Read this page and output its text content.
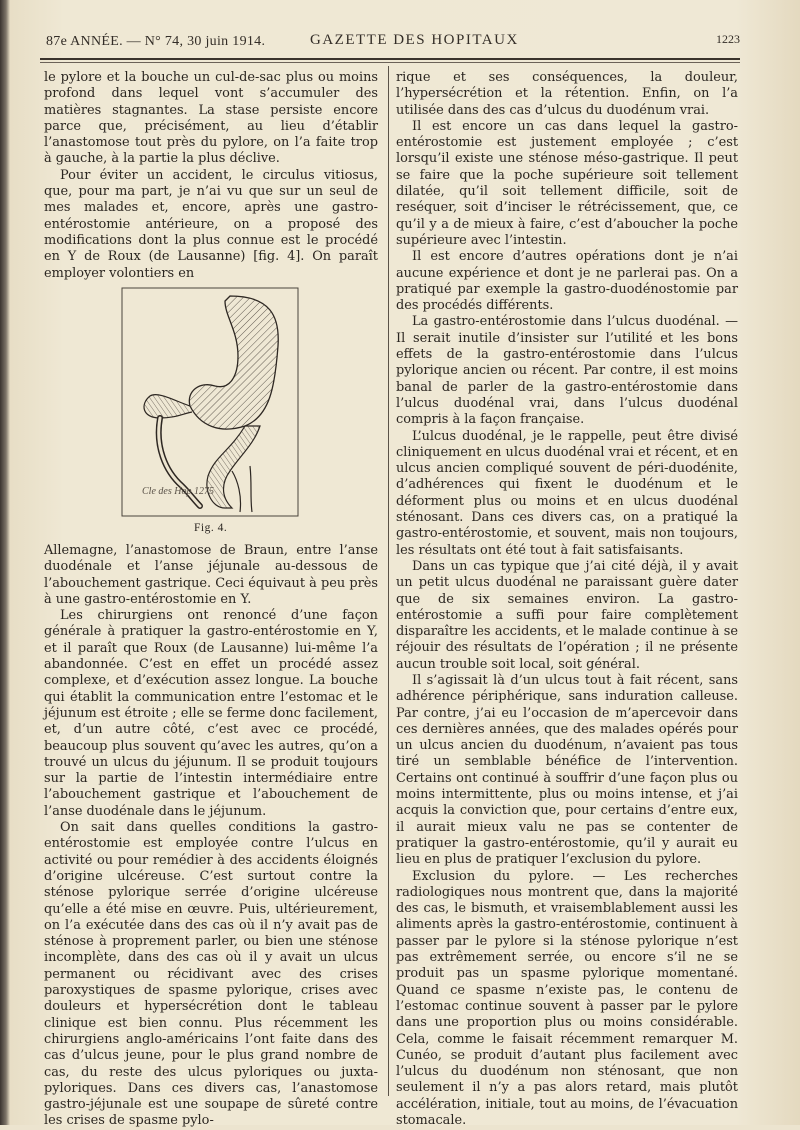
87e ANNÉE. — N° 74, 30 juin 1914.	GAZETTE DES HOPITAUX	1223

le pylore et la bouche un cul-de-sac plus ou moins profond dans lequel vont s’accumuler des matières stagnantes. La stase persiste encore parce que, précisément, au lieu d’établir l’anastomose tout près du pylore, on l’a faite trop à gauche, à la partie la plus déclive.

Pour éviter un accident, le circulus vitiosus, que, pour ma part, je n’ai vu que sur un seul de mes malades et, encore, après une gastro-entérostomie antérieure, on a proposé des modifications dont la plus connue est le procédé en Y de Roux (de Lausanne) [fig. 4]. On paraît employer volontiers en

Cle des Hop 1275
Fig. 4.

Allemagne, l’anastomose de Braun, entre l’anse duodénale et l’anse jéjunale au-dessous de l’abouchement gastrique. Ceci équivaut à peu près à une gastro-entérostomie en Y.

Les chirurgiens ont renoncé d’une façon générale à pratiquer la gastro-entérostomie en Y, et il paraît que Roux (de Lausanne) lui-même l’a abandonnée. C’est en effet un procédé assez complexe, et d’exécution assez longue. La bouche qui établit la communication entre l’estomac et le jéjunum est étroite ; elle se ferme donc facilement, et, d’un autre côté, c’est avec ce procédé, beaucoup plus souvent qu’avec les autres, qu’on a trouvé un ulcus du jéjunum. Il se produit toujours sur la partie de l’intestin intermédiaire entre l’abouchement gastrique et l’abouchement de l’anse duodénale dans le jéjunum.

On sait dans quelles conditions la gastro-entérostomie est employée contre l’ulcus en activité ou pour remédier à des accidents éloignés d’origine ulcéreuse. C’est surtout contre la sténose pylorique serrée d’origine ulcéreuse qu’elle a été mise en œuvre. Puis, ultérieurement, on l’a exécutée dans des cas où il n’y avait pas de sténose à proprement parler, ou bien une sténose incomplète, dans des cas où il y avait un ulcus permanent ou récidivant avec des crises paroxystiques de spasme pylorique, crises avec douleurs et hypersécrétion dont le tableau clinique est bien connu. Plus récemment les chirurgiens anglo-américains l’ont faite dans des cas d’ulcus jeune, pour le plus grand nombre de cas, du reste des ulcus pyloriques ou juxta-pyloriques. Dans ces divers cas, l’anastomose gastro-jéjunale est une soupape de sûreté contre les crises de spasme pylo-

rique et ses conséquences, la douleur, l’hypersécrétion et la rétention. Enfin, on l’a utilisée dans des cas d’ulcus du duodénum vrai.

Il est encore un cas dans lequel la gastro-entérostomie est justement employée ; c’est lorsqu’il existe une sténose méso-gastrique. Il peut se faire que la poche supérieure soit tellement dilatée, qu’il soit tellement difficile, soit de reséquer, soit d’inciser le rétrécissement, que, ce qu’il y a de mieux à faire, c’est d’aboucher la poche supérieure avec l’intestin.

Il est encore d’autres opérations dont je n’ai aucune expérience et dont je ne parlerai pas. On a pratiqué par exemple la gastro-duodénostomie par des procédés différents.

La gastro-entérostomie dans l’ulcus duodénal. — Il serait inutile d’insister sur l’utilité et les bons effets de la gastro-entérostomie dans l’ulcus pylorique ancien ou récent. Par contre, il est moins banal de parler de la gastro-entérostomie dans l’ulcus duodénal vrai, dans l’ulcus duodénal compris à la façon française.

L’ulcus duodénal, je le rappelle, peut être divisé cliniquement en ulcus duodénal vrai et récent, et en ulcus ancien compliqué souvent de péri-duodénite, d’adhérences qui fixent le duodénum et le déforment plus ou moins et en ulcus duodénal sténosant. Dans ces divers cas, on a pratiqué la gastro-entérostomie, et souvent, mais non toujours, les résultats ont été tout à fait satisfaisants.

Dans un cas typique que j’ai cité déjà, il y avait un petit ulcus duodénal ne paraissant guère dater que de six semaines environ. La gastro-entérostomie a suffi pour faire complètement disparaître les accidents, et le malade continue à se réjouir des résultats de l’opération ; il ne présente aucun trouble soit local, soit général.

Il s’agissait là d’un ulcus tout à fait récent, sans adhérence périphérique, sans induration calleuse. Par contre, j’ai eu l’occasion de m’apercevoir dans ces dernières années, que des malades opérés pour un ulcus ancien du duodénum, n’avaient pas tous tiré un semblable bénéfice de l’intervention. Certains ont continué à souffrir d’une façon plus ou moins intermittente, plus ou moins intense, et j’ai acquis la conviction que, pour certains d’entre eux, il aurait mieux valu ne pas se contenter de pratiquer la gastro-entérostomie, qu’il y aurait eu lieu en plus de pratiquer l’exclusion du pylore.

Exclusion du pylore. — Les recherches radiologiques nous montrent que, dans la majorité des cas, le bismuth, et vraisemblablement aussi les aliments après la gastro-entérostomie, continuent à passer par le pylore si la sténose pylorique n’est pas extrêmement serrée, ou encore s’il ne se produit pas un spasme pylorique momentané. Quand ce spasme n’existe pas, le contenu de l’estomac continue souvent à passer par le pylore dans une proportion plus ou moins considérable. Cela, comme le faisait récemment remarquer M. Cunéo, se produit d’autant plus facilement avec l’ulcus du duodénum non sténosant, que non seulement il n’y a pas alors retard, mais plutôt accélération, initiale, tout au moins, de l’évacuation stomacale.
